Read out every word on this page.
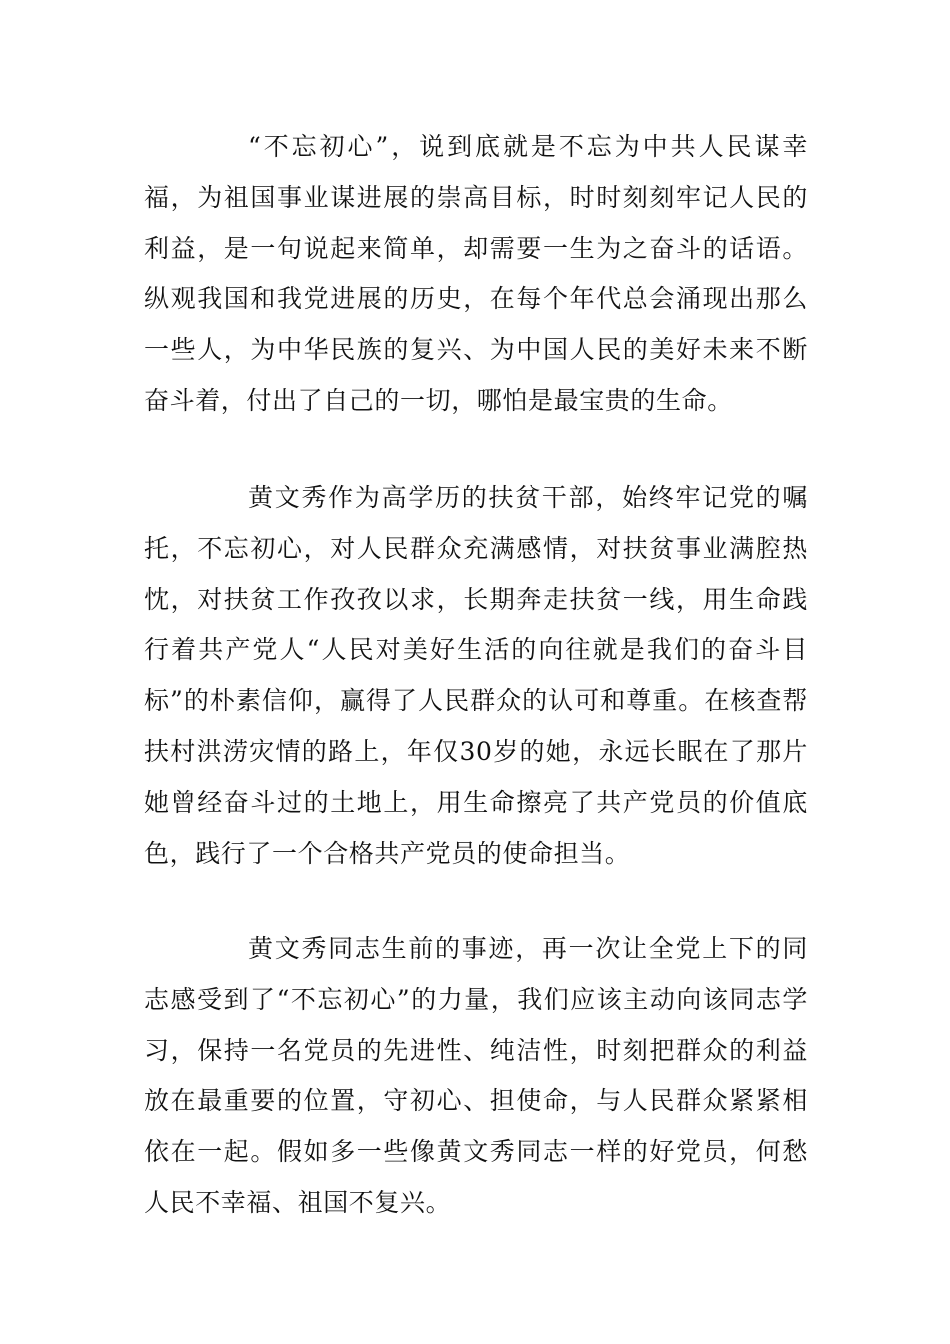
“不忘初心”，说到底就是不忘为中共人民谋幸福，为祖国事业谋进展的崇高目标，时时刻刻牢记人民的利益，是一句说起来简单，却需要一生为之奋斗的话语。纵观我国和我党进展的历史，在每个年代总会涌现出那么一些人，为中华民族的复兴、为中国人民的美好未来不断奋斗着，付出了自己的一切，哪怕是最宝贵的生命。

黄文秀作为高学历的扶贫干部，始终牢记党的嘱托，不忘初心，对人民群众充满感情，对扶贫事业满腔热忱，对扶贫工作孜孜以求，长期奔走扶贫一线，用生命践行着共产党人“人民对美好生活的向往就是我们的奋斗目标”的朴素信仰，赢得了人民群众的认可和尊重。在核查帮扶村洪涝灾情的路上，年仅30岁的她，永远长眠在了那片她曾经奋斗过的土地上，用生命擦亮了共产党员的价值底色，践行了一个合格共产党员的使命担当。

黄文秀同志生前的事迹，再一次让全党上下的同志感受到了“不忘初心”的力量，我们应该主动向该同志学习，保持一名党员的先进性、纯洁性，时刻把群众的利益放在最重要的位置，守初心、担使命，与人民群众紧紧相依在一起。假如多一些像黄文秀同志一样的好党员，何愁人民不幸福、祖国不复兴。
